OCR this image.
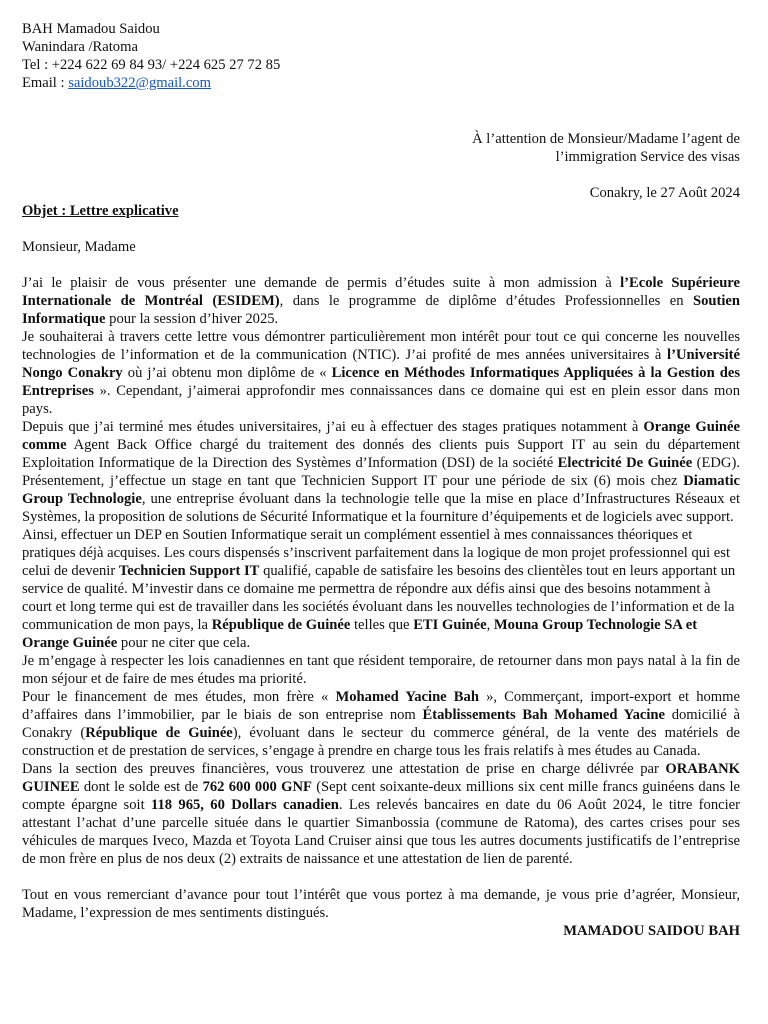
BAH Mamadou Saidou
Wanindara /Ratoma
Tel : +224 622 69 84 93/ +224 625 27 72 85
Email : saidoub322@gmail.com
À l’attention de Monsieur/Madame l’agent de
l’immigration Service des visas
Conakry, le 27 Août 2024
Objet : Lettre explicative
Monsieur, Madame

J’ai le plaisir de vous présenter une demande de permis d’études suite à mon admission à l’Ecole Supérieure Internationale de Montréal (ESIDEM), dans le programme de diplôme d’études Professionnelles en Soutien Informatique pour la session d’hiver 2025.

Je souhaiterai à travers cette lettre vous démontrer particulièrement mon intérêt pour tout ce qui concerne les nouvelles technologies de l’information et de la communication (NTIC). J’ai profité de mes années universitaires à l’Université Nongo Conakry où j’ai obtenu mon diplôme de « Licence en Méthodes Informatiques Appliquées à la Gestion des Entreprises ». Cependant, j’aimerai approfondir mes connaissances dans ce domaine qui est en plein essor dans mon pays.

Depuis que j’ai terminé mes études universitaires, j’ai eu à effectuer des stages pratiques notamment à Orange Guinée comme Agent Back Office chargé du traitement des donnés des clients puis Support IT au sein du département Exploitation Informatique de la Direction des Systèmes d’Information (DSI) de la société Electricité De Guinée (EDG). Présentement, j’effectue un stage en tant que Technicien Support IT pour une période de six (6) mois chez Diamatic Group Technologie, une entreprise évoluant dans la technologie telle que la mise en place d’Infrastructures Réseaux et Systèmes, la proposition de solutions de Sécurité Informatique et la fourniture d’équipements et de logiciels avec support.

Ainsi, effectuer un DEP en Soutien Informatique serait un complément essentiel à mes connaissances théoriques et pratiques déjà acquises. Les cours dispensés s’inscrivent parfaitement dans la logique de mon projet professionnel qui est celui de devenir Technicien Support IT qualifié, capable de satisfaire les besoins des clientèles tout en leurs apportant un service de qualité. M’investir dans ce domaine me permettra de répondre aux défis ainsi que des besoins notamment à court et long terme qui est de travailler dans les sociétés évoluant dans les nouvelles technologies de l’information et de la communication de mon pays, la République de Guinée telles que ETI Guinée, Mouna Group Technologie SA et Orange Guinée pour ne citer que cela.

Je m’engage à respecter les lois canadiennes en tant que résident temporaire, de retourner dans mon pays natal à la fin de mon séjour et de faire de mes études ma priorité.

Pour le financement de mes études, mon frère « Mohamed Yacine Bah », Commerçant, import-export et homme d’affaires dans l’immobilier, par le biais de son entreprise nom Établissements Bah Mohamed Yacine domicilié à Conakry (République de Guinée), évoluant dans le secteur du commerce général, de la vente des matériels de construction et de prestation de services, s’engage à prendre en charge tous les frais relatifs à mes études au Canada.

Dans la section des preuves financières, vous trouverez une attestation de prise en charge délivrée par ORABANK GUINEE dont le solde est de 762 600 000 GNF (Sept cent soixante-deux millions six cent mille francs guinéens dans le compte épargne soit 118 965, 60 Dollars canadien. Les relevés bancaires en date du 06 Août 2024, le titre foncier attestant l’achat d’une parcelle située dans le quartier Simanbossia (commune de Ratoma), des cartes crises pour ses véhicules de marques Iveco, Mazda et Toyota Land Cruiser ainsi que tous les autres documents justificatifs de l’entreprise de mon frère en plus de nos deux (2) extraits de naissance et une attestation de lien de parenté.

Tout en vous remerciant d’avance pour tout l’intérêt que vous portez à ma demande, je vous prie d’agréer, Monsieur, Madame, l’expression de mes sentiments distingués.
MAMADOU SAIDOU BAH
